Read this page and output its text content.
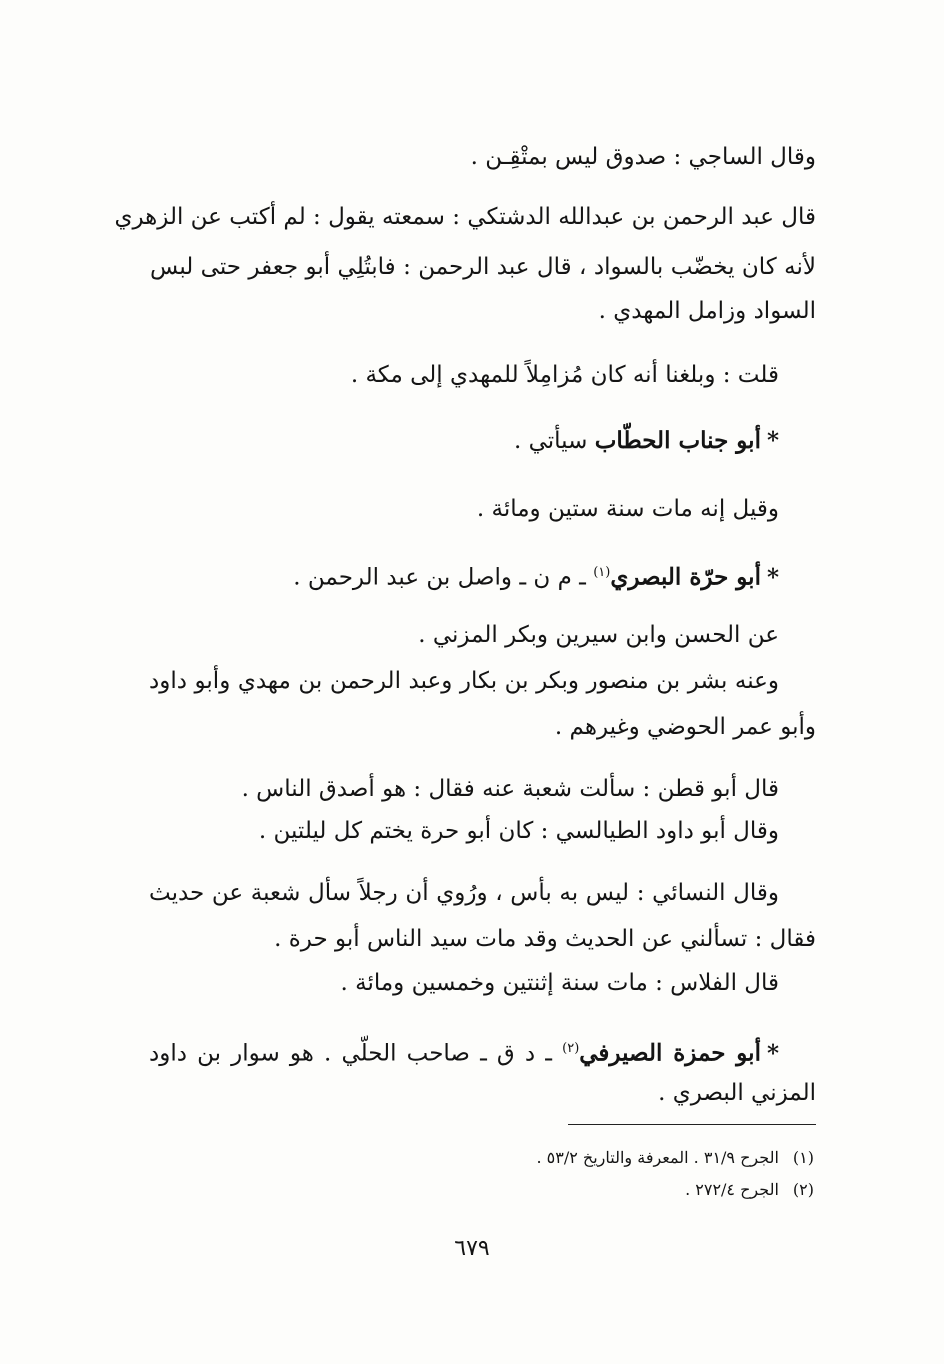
وقال الساجي : صدوق ليس بمتْقِـن .
قال عبد الرحمن بن عبدالله الدشتكي : سمعته يقول : لم أكتب عن الزهري
لأنه كان يخضّب بالسواد ، قال عبد الرحمن : فابتُلِي أبو جعفر حتى لبس
السواد وزامل المهدي .
قلت : وبلغنا أنه كان مُزامِلاً للمهدي إلى مكة .
*أبو جناب الحطّاب سيأتي .
وقيل إنه مات سنة ستين ومائة .
*أبو حرّة البصري$^{(١)}$ ـ م ن ـ واصل بن عبد الرحمن .
عن الحسن وابن سيرين وبكر المزني .
وعنه بشر بن منصور وبكر بن بكار وعبد الرحمن بن مهدي وأبو داود
وأبو عمر الحوضي وغيرهم .
قال أبو قطن : سألت شعبة عنه فقال : هو أصدق الناس .
وقال أبو داود الطيالسي : كان أبو حرة يختم كل ليلتين .
وقال النسائي : ليس به بأس ، ورُوي أن رجلاً سأل شعبة عن حديث
فقال : تسألني عن الحديث وقد مات سيد الناس أبو حرة .
قال الفلاس : مات سنة إثنتين وخمسين ومائة .
*أبو حمزة الصيرفي$^{(٢)}$ ـ د ق ـ صاحب الحلّي . هو سوار بن داود
المزني البصري .
(١)الجرح ٣١/٩ . المعرفة والتاريخ ٥٣/٢ .
(٢)الجرح ٢٧٢/٤ .
٦٧٩
